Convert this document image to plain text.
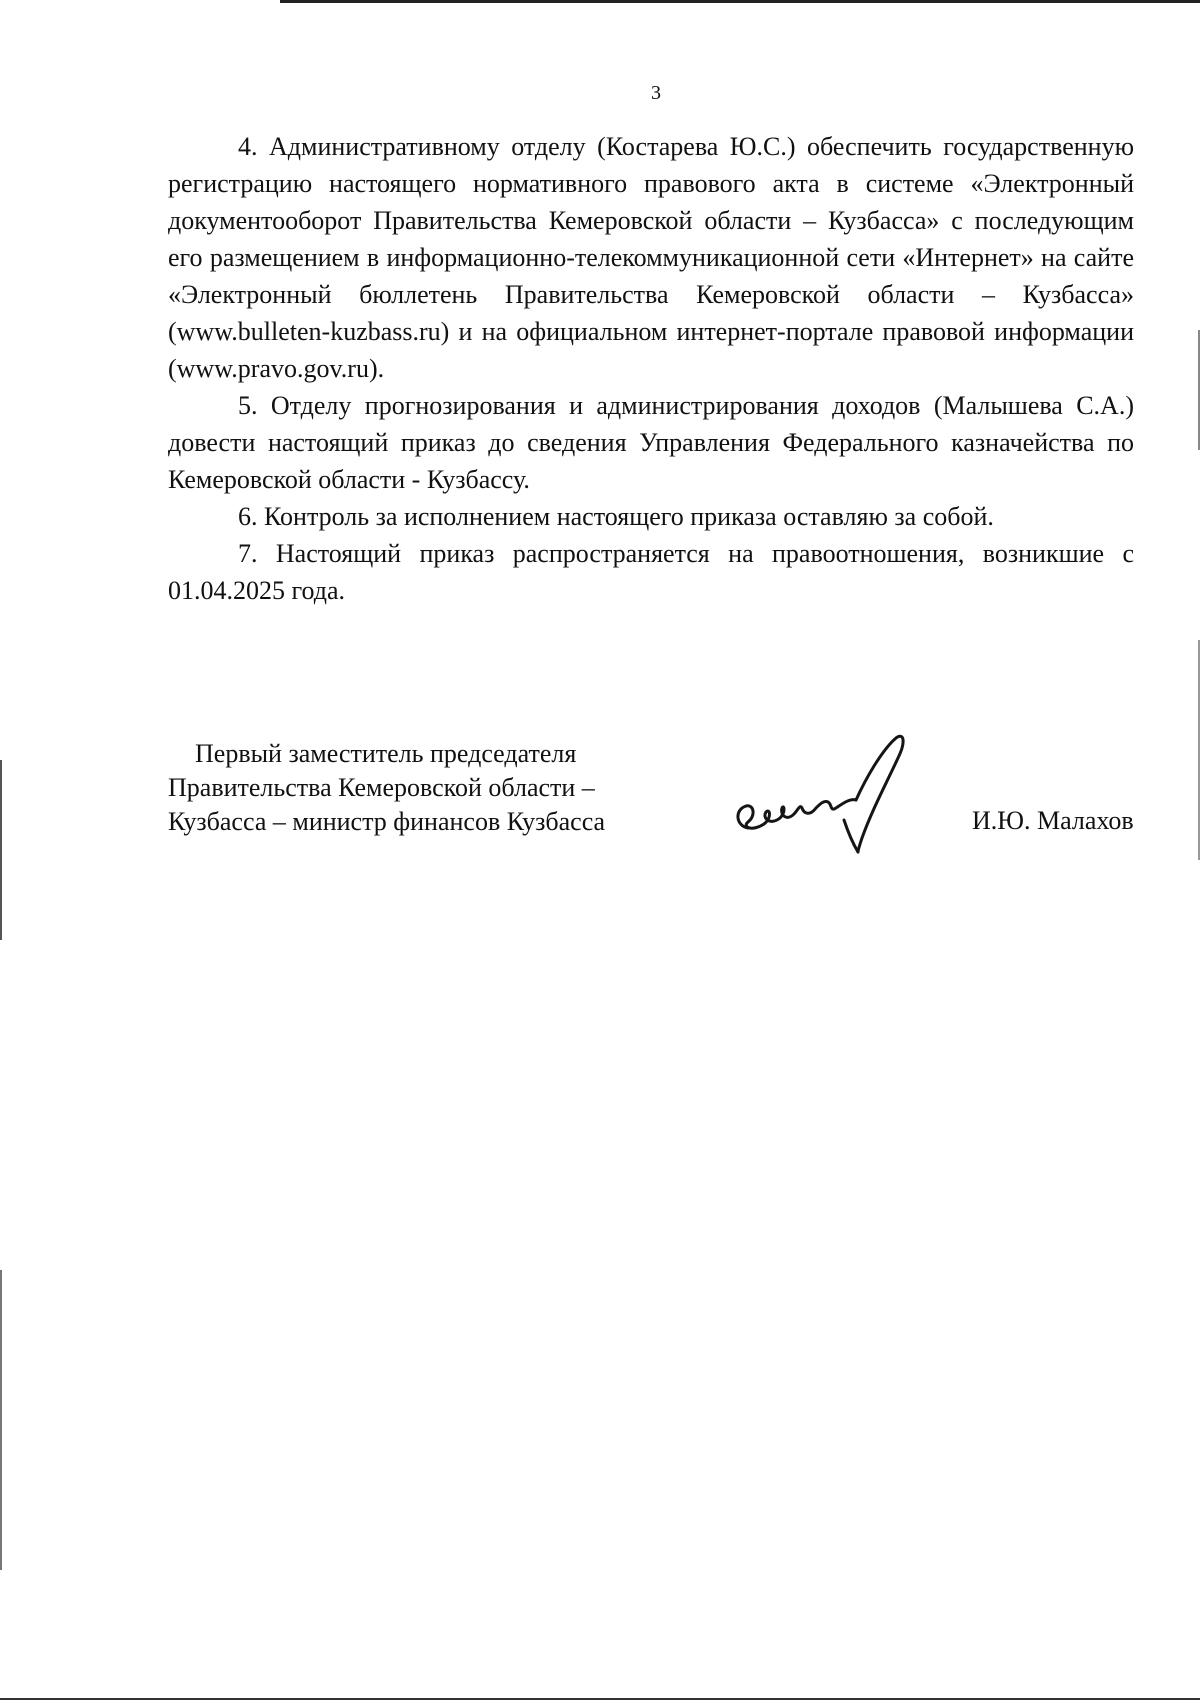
3

4. Административному отделу (Костарева Ю.С.) обеспечить государственную регистрацию настоящего нормативного правового акта в системе «Электронный документооборот Правительства Кемеровской области – Кузбасса» с последующим его размещением в информационно-телекоммуникационной сети «Интернет» на сайте «Электронный бюллетень Правительства Кемеровской области – Кузбасса» (www.bulleten-kuzbass.ru) и на официальном интернет-портале правовой информации (www.pravo.gov.ru).

5. Отделу прогнозирования и администрирования доходов (Малышева С.А.) довести настоящий приказ до сведения Управления Федерального казначейства по Кемеровской области - Кузбассу.

6. Контроль за исполнением настоящего приказа оставляю за собой.

7. Настоящий приказ распространяется на правоотношения, возникшие с 01.04.2025 года.

Первый заместитель председателя
Правительства Кемеровской области –
Кузбасса – министр финансов Кузбасса	И.Ю. Малахов
